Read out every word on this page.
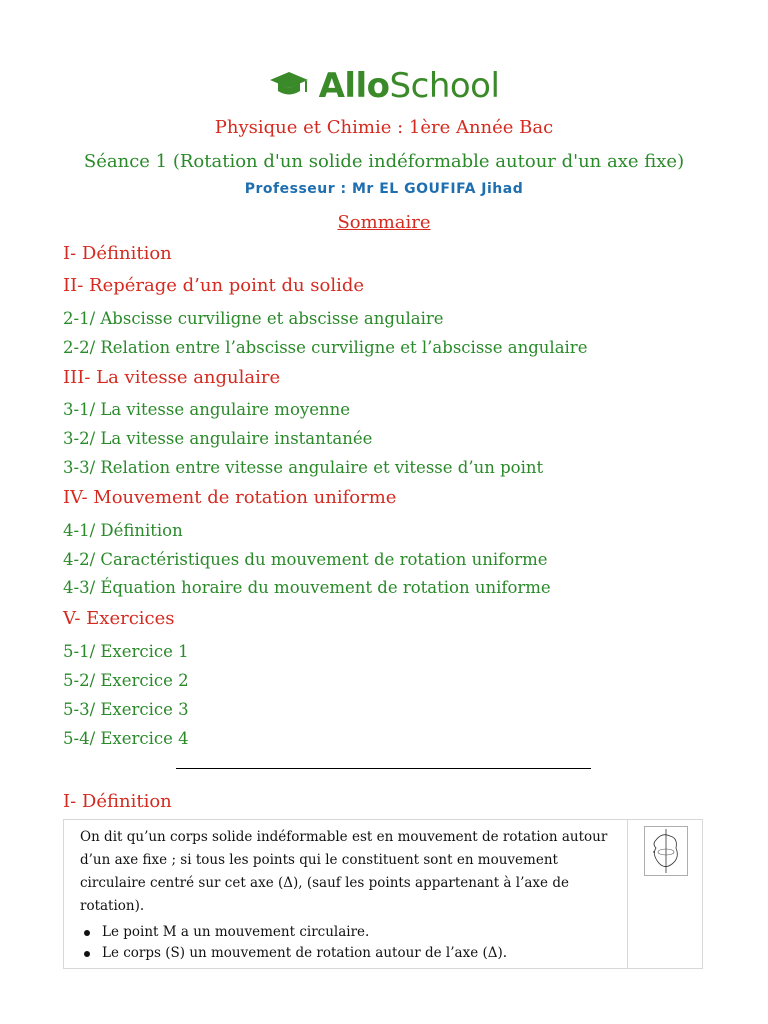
AlloSchool
Physique et Chimie : 1ère Année Bac
Séance 1 (Rotation d'un solide indéformable autour d'un axe fixe)
Professeur : Mr EL GOUFIFA Jihad
Sommaire
I- Définition
II- Repérage d’un point du solide
2-1/ Abscisse curviligne et abscisse angulaire
2-2/ Relation entre l’abscisse curviligne et l’abscisse angulaire
III- La vitesse angulaire
3-1/ La vitesse angulaire moyenne
3-2/ La vitesse angulaire instantanée
3-3/ Relation entre vitesse angulaire et vitesse d’un point
IV- Mouvement de rotation uniforme
4-1/ Définition
4-2/ Caractéristiques du mouvement de rotation uniforme
4-3/ Équation horaire du mouvement de rotation uniforme
V- Exercices
5-1/ Exercice 1
5-2/ Exercice 2
5-3/ Exercice 3
5-4/ Exercice 4
I- Définition

On dit qu’un corps solide indéformable est en mouvement de rotation autour d’un axe fixe ; si tous les points qui le constituent sont en mouvement circulaire centré sur cet axe (Δ), (sauf les points appartenant à l’axe de rotation).

Le point M a un mouvement circulaire.
Le corps (S) un mouvement de rotation autour de l’axe (Δ).
